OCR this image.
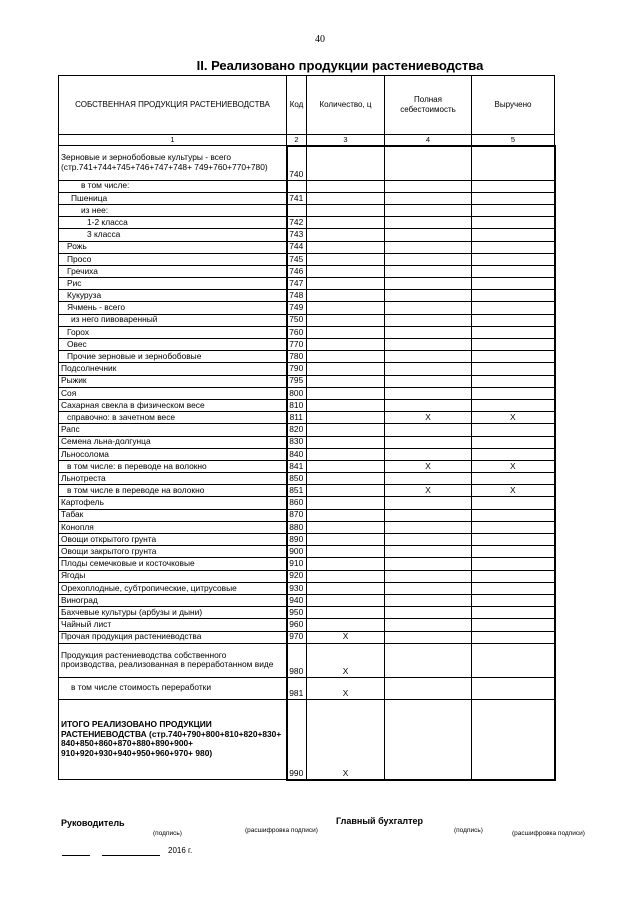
40
II. Реализовано продукции растениеводства
СОБСТВЕННАЯ ПРОДУКЦИЯ РАСТЕНИЕВОДСТВА	Код	Количество, ц	Полная себестоимость	Выручено
1	2	3	4	5
Зерновые и зернобобовые культуры - всего (стр.741+744+745+746+747+748+ 749+760+770+780)	740			
в том числе:				
Пшеница	741			
из нее:				
1-2 класса	742			
3 класса	743			
Рожь	744			
Просо	745			
Гречиха	746			
Рис	747			
Кукуруза	748			
Ячмень - всего	749			
из него пивоваренный	750			
Горох	760			
Овес	770			
Прочие зерновые и зернобобовые	780			
Подсолнечник	790			
Рыжик	795			
Соя	800			
Сахарная свекла в физическом весе	810			
справочно: в зачетном весе	811		X	X
Рапс	820			
Семена льна-долгунца	830			
Льносолома	840			
в том числе: в переводе на волокно	841		X	X
Льнотреста	850			
в том числе в переводе на волокно	851		X	X
Картофель	860			
Табак	870			
Конопля	880			
Овощи открытого грунта	890			
Овощи закрытого грунта	900			
Плоды семечковые и косточковые	910			
Ягоды	920			
Орехоплодные, субтропические, цитрусовые	930			
Виноград	940			
Бахчевые культуры (арбузы и дыни)	950			
Чайный лист	960			
Прочая продукция растениеводства	970	X		
Продукция растениеводства собственного производства, реализованная в переработанном виде	980	X		
в том числе стоимость переработки	981	X		
ИТОГО РЕАЛИЗОВАНО ПРОДУКЦИИ РАСТЕНИЕВОДСТВА (стр.740+790+800+810+820+830+ 840+850+860+870+880+890+900+ 910+920+930+940+950+960+970+ 980)	990	X		
Руководитель
(подпись)	(расшифровка подписи)
Главный бухгалтер
(подпись)	(расшифровка подписи)
2016 г.
